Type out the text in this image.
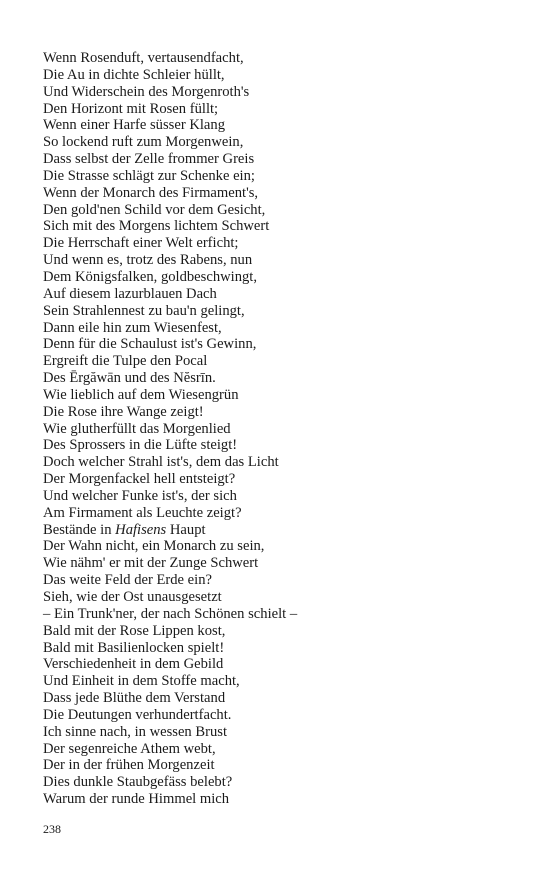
Wenn Rosenduft, vertausendfacht,
Die Au in dichte Schleier hüllt,
Und Widerschein des Morgenroth's
Den Horizont mit Rosen füllt;
Wenn einer Harfe süsser Klang
So lockend ruft zum Morgenwein,
Dass selbst der Zelle frommer Greis
Die Strasse schlägt zur Schenke ein;
Wenn der Monarch des Firmament's,
Den gold'nen Schild vor dem Gesicht,
Sich mit des Morgens lichtem Schwert
Die Herrschaft einer Welt erficht;
Und wenn es, trotz des Rabens, nun
Dem Königsfalken, goldbeschwingt,
Auf diesem lazurblauen Dach
Sein Strahlennest zu bau'n gelingt,
Dann eile hin zum Wiesenfest,
Denn für die Schaulust ist's Gewinn,
Ergreift die Tulpe den Pocal
Des Ērgăwān und des Nĕsrīn.
Wie lieblich auf dem Wiesengrün
Die Rose ihre Wange zeigt!
Wie glutherfüllt das Morgenlied
Des Sprossers in die Lüfte steigt!
Doch welcher Strahl ist's, dem das Licht
Der Morgenfackel hell entsteigt?
Und welcher Funke ist's, der sich
Am Firmament als Leuchte zeigt?
Bestände in Hafisens Haupt
Der Wahn nicht, ein Monarch zu sein,
Wie nähm' er mit der Zunge Schwert
Das weite Feld der Erde ein?
Sieh, wie der Ost unausgesetzt
– Ein Trunk'ner, der nach Schönen schielt –
Bald mit der Rose Lippen kost,
Bald mit Basilienlocken spielt!
Verschiedenheit in dem Gebild
Und Einheit in dem Stoffe macht,
Dass jede Blüthe dem Verstand
Die Deutungen verhundertfacht.
Ich sinne nach, in wessen Brust
Der segenreiche Athem webt,
Der in der frühen Morgenzeit
Dies dunkle Staubgefäss belebt?
Warum der runde Himmel mich
238
